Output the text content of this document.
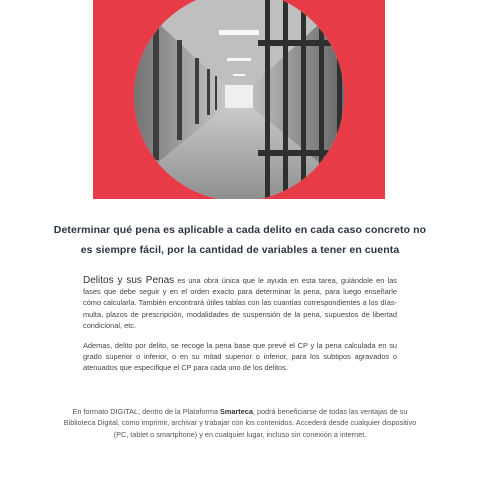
Determinar qué pena es aplicable a cada delito en cada caso concreto no
es siempre fácil, por la cantidad de variables a tener en cuenta
Delitos y sus Penas es una obra única que le ayuda en esta tarea, guiándole en las fases que debe seguir y en el orden exacto para determinar la pena, para luego enseñarle cómo calcularla. También encontrará útiles tablas con las cuantías correspondientes a los días-multa, plazos de prescripción, modalidades de suspensión de la pena, supuestos de libertad condicional, etc.
Ademas, delito por delito, se recoge la pena base que prevé el CP y la pena calculada en su grado superior o inferior, o en su mitad superior o inferior, para los subtipos agravados o atenuados que especifique el CP para cada uno de los delitos.
En formato DIGITAL, dentro de la Plataforma Smarteca, podrá beneficiarse de todas las ventajas de su Biblioteca Digital, como imprimir, archivar y trabajar con los contenidos. Accederá desde cualquier dispositivo (PC, tablet o smartphone) y en cualquier lugar, incluso sin conexión a internet.
